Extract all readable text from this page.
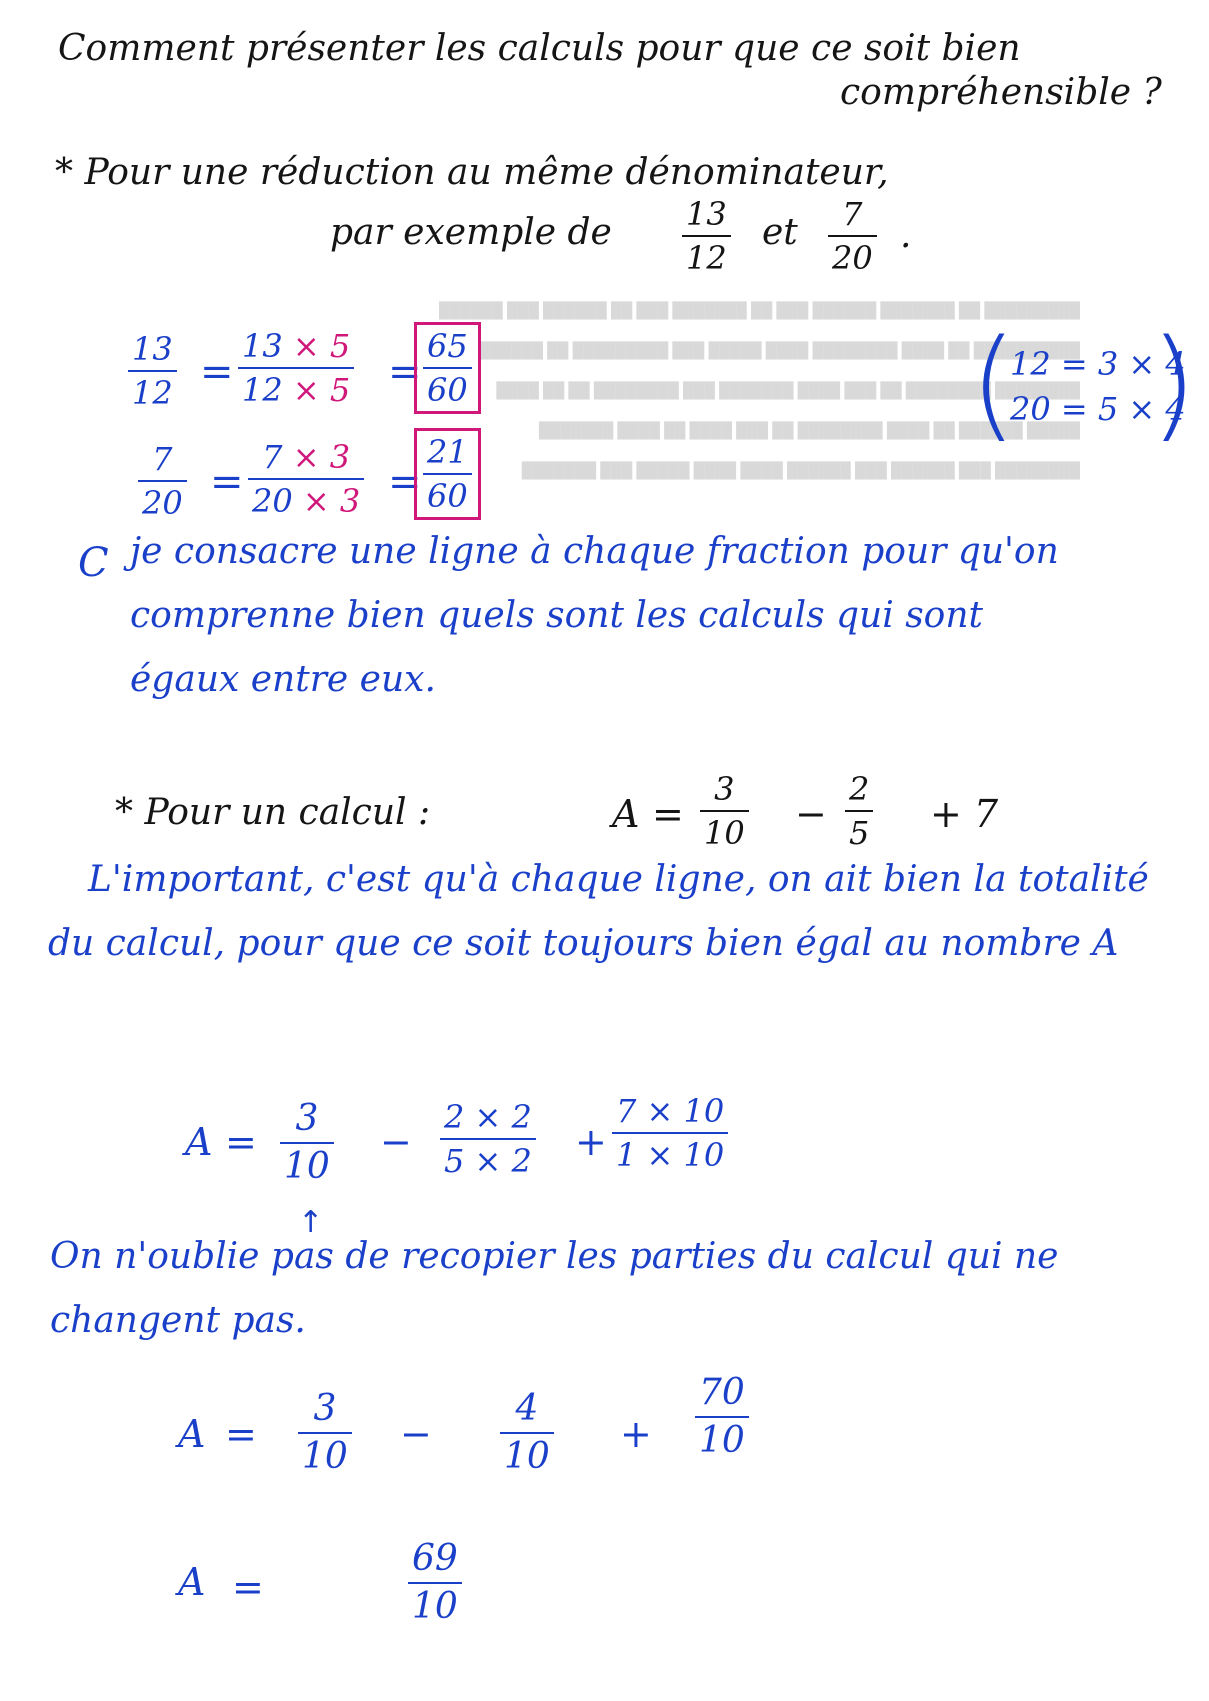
█████████ ██ ███████ ██████ ███ ██ ███████ ███ ██ ██████ ███ ██████

██████████ ██ ████ ████████ ████ █████ ███ █████████ ██ ██████

████████ ████████ ██ ███ ████ ███████ ███ ████████ ██ ██ ████

█████ ██████ ██ ████ ████████ ██ ███ ████ ██ ████ ███████

████████ ███ ██████ ███ ██████ ████ ████ █████ ███ ███████

Comment présenter les calculs pour que ce soit bien
compréhensible ?
* Pour une réduction au même dénominateur,
par exemple de 13
12
et 7
20
.
13
12 =
13 × 5
12 × 5 =
65
60
7
20 =
7 × 3
20 × 3 =
21
60
(
12 = 3 × 4
20 = 5 × 4
)
C je consacre une ligne à chaque fraction pour qu'on comprenne bien quels sont les calculs qui sont égaux entre eux.
* Pour un calcul :	A =
3
10 −
2
5 + 7
L'important, c'est qu'à chaque ligne, on ait bien la totalité du calcul, pour que ce soit toujours bien égal au nombre A
A =
3
10
−
2 × 2
5 × 2 +
7 × 10
1 × 10
↑
On n'oublie pas de recopier les parties du calcul qui ne changent pas.
A =
3
10
−
4
10
+
70
10
A =
69
10
